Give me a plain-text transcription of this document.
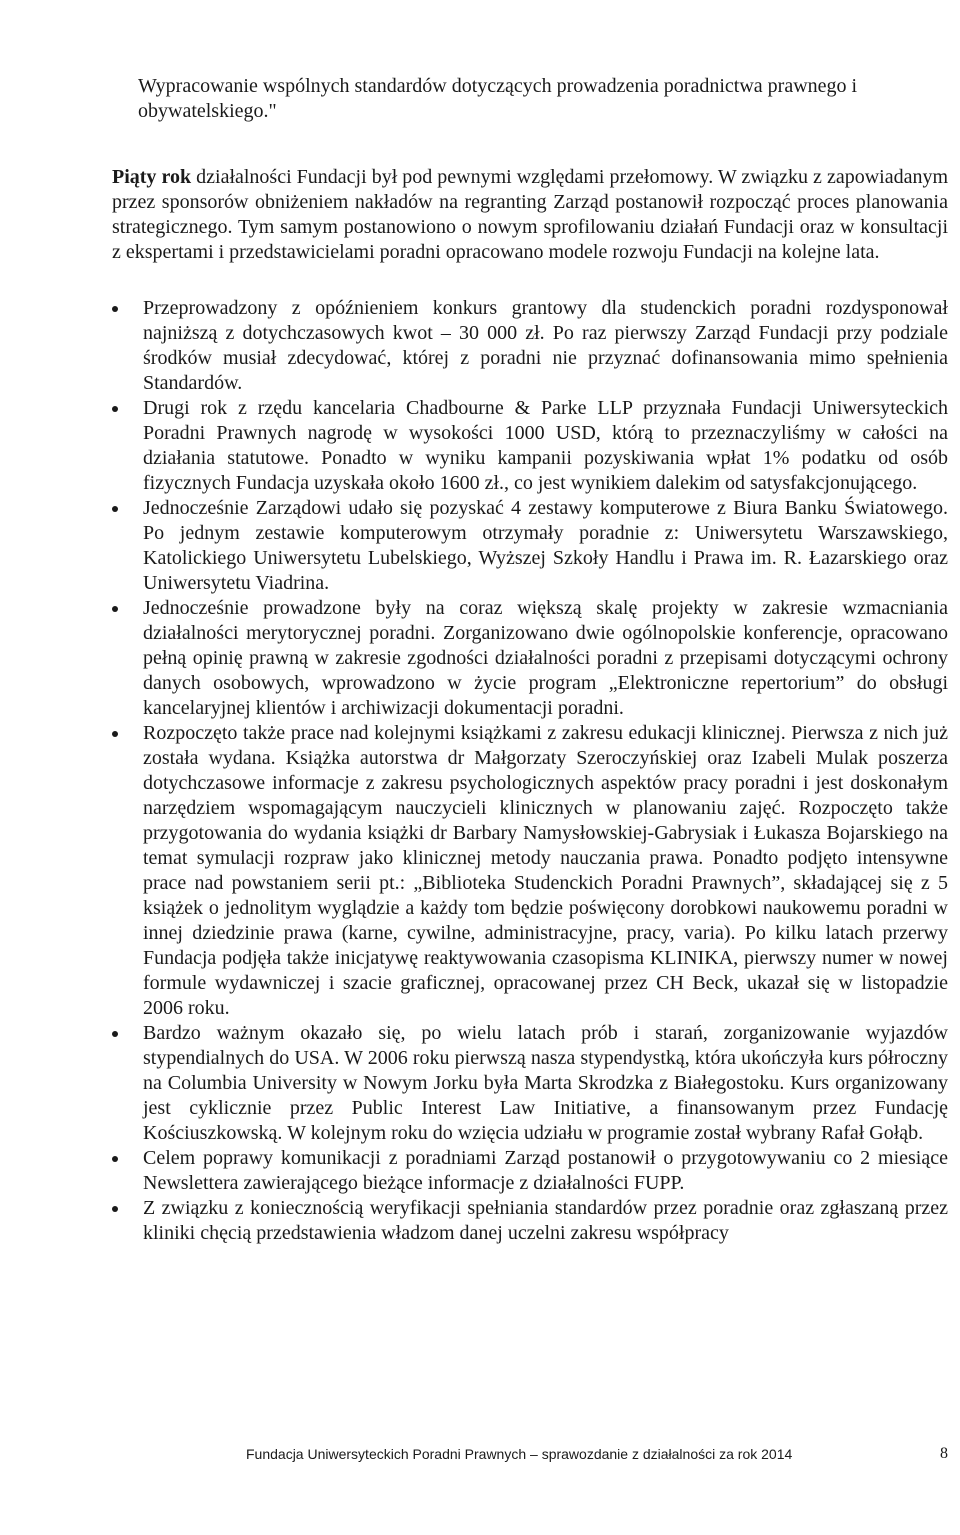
Wypracowanie wspólnych standardów dotyczących prowadzenia poradnictwa prawnego i obywatelskiego."

Piąty rok działalności Fundacji był pod pewnymi względami przełomowy. W związku z zapowiadanym przez sponsorów obniżeniem nakładów na regranting Zarząd postanowił rozpocząć proces planowania strategicznego. Tym samym postanowiono o nowym sprofilowaniu działań Fundacji oraz w konsultacji z ekspertami i przedstawicielami poradni opracowano modele rozwoju Fundacji na kolejne lata.

Przeprowadzony z opóźnieniem konkurs grantowy dla studenckich poradni rozdysponował najniższą z dotychczasowych kwot – 30 000 zł. Po raz pierwszy Zarząd Fundacji przy podziale środków musiał zdecydować, której z poradni nie przyznać dofinansowania mimo spełnienia Standardów.
Drugi rok z rzędu kancelaria Chadbourne & Parke LLP przyznała Fundacji Uniwersyteckich Poradni Prawnych nagrodę w wysokości 1000 USD, którą to przeznaczyliśmy w całości na działania statutowe. Ponadto w wyniku kampanii pozyskiwania wpłat 1% podatku od osób fizycznych Fundacja uzyskała około 1600 zł., co jest wynikiem dalekim od satysfakcjonującego.
Jednocześnie Zarządowi udało się pozyskać 4 zestawy komputerowe z Biura Banku Światowego. Po jednym zestawie komputerowym otrzymały poradnie z: Uniwersytetu Warszawskiego, Katolickiego Uniwersytetu Lubelskiego, Wyższej Szkoły Handlu i Prawa im. R. Łazarskiego oraz Uniwersytetu Viadrina.
Jednocześnie prowadzone były na coraz większą skalę projekty w zakresie wzmacniania działalności merytorycznej poradni. Zorganizowano dwie ogólnopolskie konferencje, opracowano pełną opinię prawną w zakresie zgodności działalności poradni z przepisami dotyczącymi ochrony danych osobowych, wprowadzono w życie program „Elektroniczne repertorium” do obsługi kancelaryjnej klientów i archiwizacji dokumentacji poradni.
Rozpoczęto także prace nad kolejnymi książkami z zakresu edukacji klinicznej. Pierwsza z nich już została wydana. Książka autorstwa dr Małgorzaty Szeroczyńskiej oraz Izabeli Mulak poszerza dotychczasowe informacje z zakresu psychologicznych aspektów pracy poradni i jest doskonałym narzędziem wspomagającym nauczycieli klinicznych w planowaniu zajęć. Rozpoczęto także przygotowania do wydania książki dr Barbary Namysłowskiej-Gabrysiak i Łukasza Bojarskiego na temat symulacji rozpraw jako klinicznej metody nauczania prawa. Ponadto podjęto intensywne prace nad powstaniem serii pt.: „Biblioteka Studenckich Poradni Prawnych”, składającej się z 5 książek o jednolitym wyglądzie a każdy tom będzie poświęcony dorobkowi naukowemu poradni w innej dziedzinie prawa (karne, cywilne, administracyjne, pracy, varia). Po kilku latach przerwy Fundacja podjęła także inicjatywę reaktywowania czasopisma KLINIKA, pierwszy numer w nowej formule wydawniczej i szacie graficznej, opracowanej przez CH Beck, ukazał się w listopadzie 2006 roku.
Bardzo ważnym okazało się, po wielu latach prób i starań, zorganizowanie wyjazdów stypendialnych do USA. W 2006 roku pierwszą nasza stypendystką, która ukończyła kurs półroczny na Columbia University w Nowym Jorku była Marta Skrodzka z Białegostoku. Kurs organizowany jest cyklicznie przez Public Interest Law Initiative, a finansowanym przez Fundację Kościuszkowską. W kolejnym roku do wzięcia udziału w programie został wybrany Rafał Gołąb.
Celem poprawy komunikacji z poradniami Zarząd postanowił o przygotowywaniu co 2 miesiące Newslettera zawierającego bieżące informacje z działalności FUPP.
Z związku z koniecznością weryfikacji spełniania standardów przez poradnie oraz zgłaszaną przez kliniki chęcią przedstawienia władzom danej uczelni zakresu współpracy
Fundacja Uniwersyteckich Poradni Prawnych – sprawozdanie z działalności za rok 2014	8
